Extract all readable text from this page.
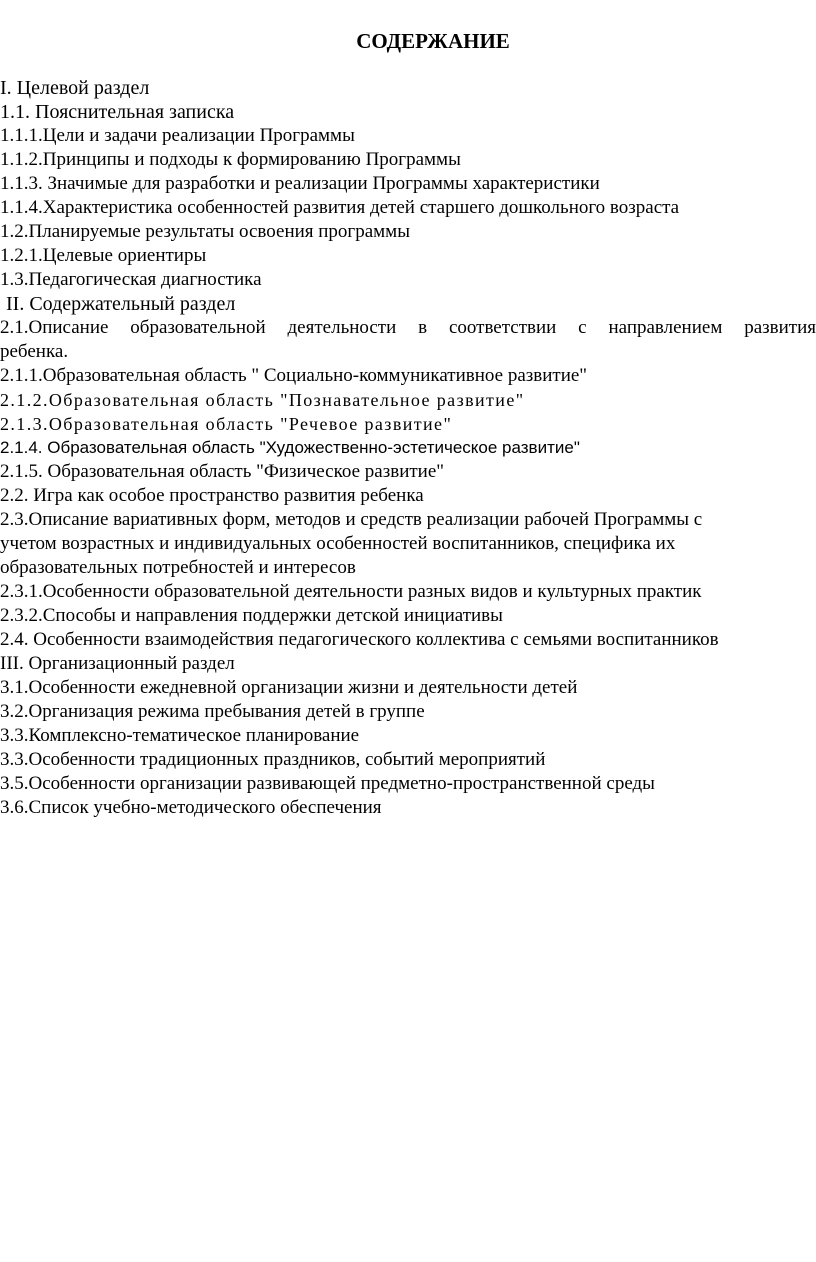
СОДЕРЖАНИЕ
I. Целевой раздел
1.1. Пояснительная записка
1.1.1.Цели и задачи реализации Программы
1.1.2.Принципы и подходы к формированию Программы
1.1.3. Значимые для разработки и реализации Программы характеристики
1.1.4.Характеристика особенностей развития детей старшего дошкольного возраста
1.2.Планируемые результаты освоения программы
1.2.1.Целевые ориентиры
1.3.Педагогическая диагностика
II. Содержательный раздел
2.1.Описание образовательной деятельности в соответствии с направлением развития
ребенка.
2.1.1.Образовательная область " Социально-коммуникативное развитие"
2.1.2.Образовательная область "Познавательное развитие"
2.1.3.Образовательная область "Речевое развитие"
2.1.4. Образовательная область "Художественно-эстетическое развитие"
2.1.5. Образовательная область "Физическое развитие"
2.2. Игра как особое пространство развития ребенка
2.3.Описание вариативных форм, методов и средств реализации рабочей Программы с
учетом возрастных и индивидуальных особенностей воспитанников, специфика их
образовательных потребностей и интересов
2.3.1.Особенности образовательной деятельности разных видов и культурных практик
2.3.2.Способы и направления поддержки детской инициативы
2.4. Особенности взаимодействия педагогического коллектива с семьями воспитанников
III. Организационный раздел
3.1.Особенности ежедневной организации жизни и деятельности детей
3.2.Организация режима пребывания детей в группе
3.3.Комплексно-тематическое планирование
3.3.Особенности традиционных праздников, событий мероприятий
3.5.Особенности организации развивающей предметно-пространственной среды
3.6.Список учебно-методического обеспечения
